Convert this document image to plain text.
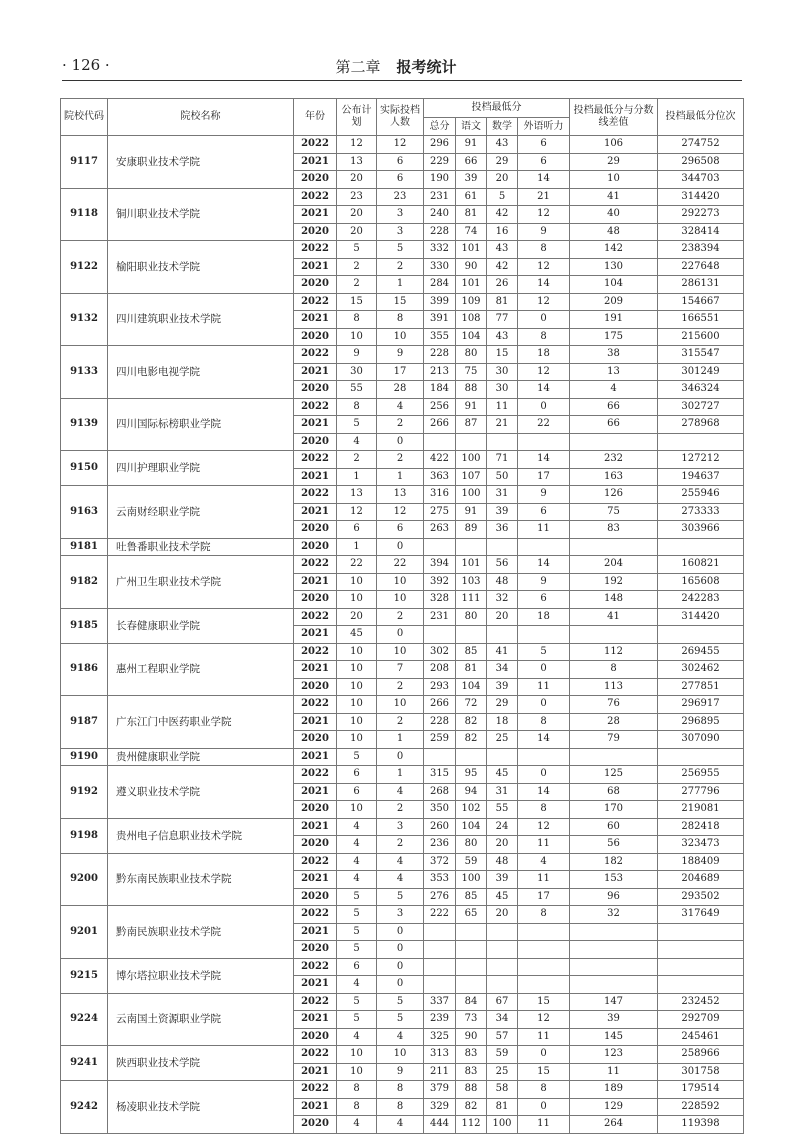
· 126 ·	第二章 报考统计
院校代码	院校名称	年份	公布计划	实际投档人数	投档最低分				投档最低分与分数线差值	投档最低分位次
					总分	语文	数学	外语听力		
9117	安康职业技术学院	2022	12	12	296	91	43	6	106	274752
		2021	13	6	229	66	29	6	29	296508
		2020	20	6	190	39	20	14	10	344703
9118	铜川职业技术学院	2022	23	23	231	61	5	21	41	314420
		2021	20	3	240	81	42	12	40	292273
		2020	20	3	228	74	16	9	48	328414
9122	榆阳职业技术学院	2022	5	5	332	101	43	8	142	238394
		2021	2	2	330	90	42	12	130	227648
		2020	2	1	284	101	26	14	104	286131
9132	四川建筑职业技术学院	2022	15	15	399	109	81	12	209	154667
		2021	8	8	391	108	77	0	191	166551
		2020	10	10	355	104	43	8	175	215600
9133	四川电影电视学院	2022	9	9	228	80	15	18	38	315547
		2021	30	17	213	75	30	12	13	301249
		2020	55	28	184	88	30	14	4	346324
9139	四川国际标榜职业学院	2022	8	4	256	91	11	0	66	302727
		2021	5	2	266	87	21	22	66	278968
		2020	4	0						
9150	四川护理职业学院	2022	2	2	422	100	71	14	232	127212
		2021	1	1	363	107	50	17	163	194637
9163	云南财经职业学院	2022	13	13	316	100	31	9	126	255946
		2021	12	12	275	91	39	6	75	273333
		2020	6	6	263	89	36	11	83	303966
9181	吐鲁番职业技术学院	2020	1	0						
9182	广州卫生职业技术学院	2022	22	22	394	101	56	14	204	160821
		2021	10	10	392	103	48	9	192	165608
		2020	10	10	328	111	32	6	148	242283
9185	长春健康职业学院	2022	20	2	231	80	20	18	41	314420
		2021	45	0						
9186	惠州工程职业学院	2022	10	10	302	85	41	5	112	269455
		2021	10	7	208	81	34	0	8	302462
		2020	10	2	293	104	39	11	113	277851
9187	广东江门中医药职业学院	2022	10	10	266	72	29	0	76	296917
		2021	10	2	228	82	18	8	28	296895
		2020	10	1	259	82	25	14	79	307090
9190	贵州健康职业学院	2021	5	0						
9192	遵义职业技术学院	2022	6	1	315	95	45	0	125	256955
		2021	6	4	268	94	31	14	68	277796
		2020	10	2	350	102	55	8	170	219081
9198	贵州电子信息职业技术学院	2021	4	3	260	104	24	12	60	282418
		2020	4	2	236	80	20	11	56	323473
9200	黔东南民族职业技术学院	2022	4	4	372	59	48	4	182	188409
		2021	4	4	353	100	39	11	153	204689
		2020	5	5	276	85	45	17	96	293502
9201	黔南民族职业技术学院	2022	5	3	222	65	20	8	32	317649
		2021	5	0						
		2020	5	0						
9215	博尔塔拉职业技术学院	2022	6	0						
		2021	4	0						
9224	云南国土资源职业学院	2022	5	5	337	84	67	15	147	232452
		2021	5	5	239	73	34	12	39	292709
		2020	4	4	325	90	57	11	145	245461
9241	陕西职业技术学院	2022	10	10	313	83	59	0	123	258966
		2021	10	9	211	83	25	15	11	301758
9242	杨凌职业技术学院	2022	8	8	379	88	58	8	189	179514
		2021	8	8	329	82	81	0	129	228592
		2020	4	4	444	112	100	11	264	119398
